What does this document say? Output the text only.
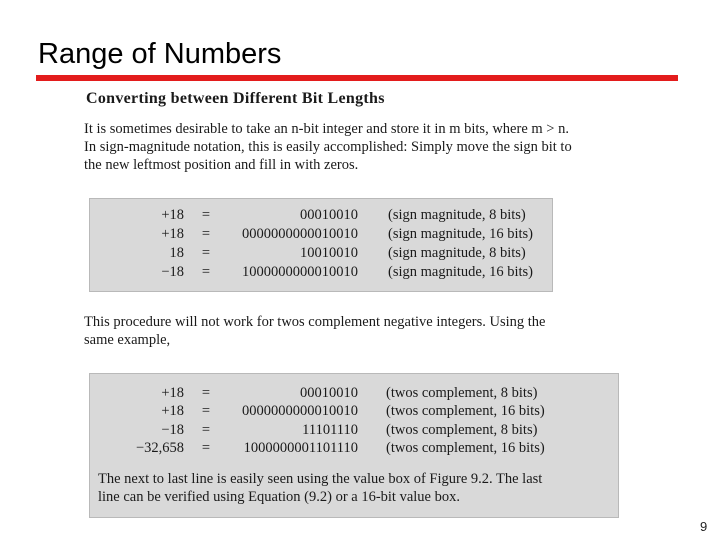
Range of Numbers
Converting between Different Bit Lengths
It is sometimes desirable to take an n-bit integer and store it in m bits, where m > n.
In sign-magnitude notation, this is easily accomplished: Simply move the sign bit to
the new leftmost position and fill in with zeros.
+18	=	00010010 (sign magnitude, 8 bits)
+18	=	0000000000010010 (sign magnitude, 16 bits)
18	=	10010010 (sign magnitude, 8 bits)
−18	=	1000000000010010 (sign magnitude, 16 bits)
This procedure will not work for twos complement negative integers. Using the
same example,
+18	=	00010010 (twos complement, 8 bits)
+18	=	0000000000010010 (twos complement, 16 bits)
−18	=	11101110 (twos complement, 8 bits)
−32,658	=	1000000001101110 (twos complement, 16 bits)
The next to last line is easily seen using the value box of Figure 9.2. The last
line can be verified using Equation (9.2) or a 16-bit value box.
9
